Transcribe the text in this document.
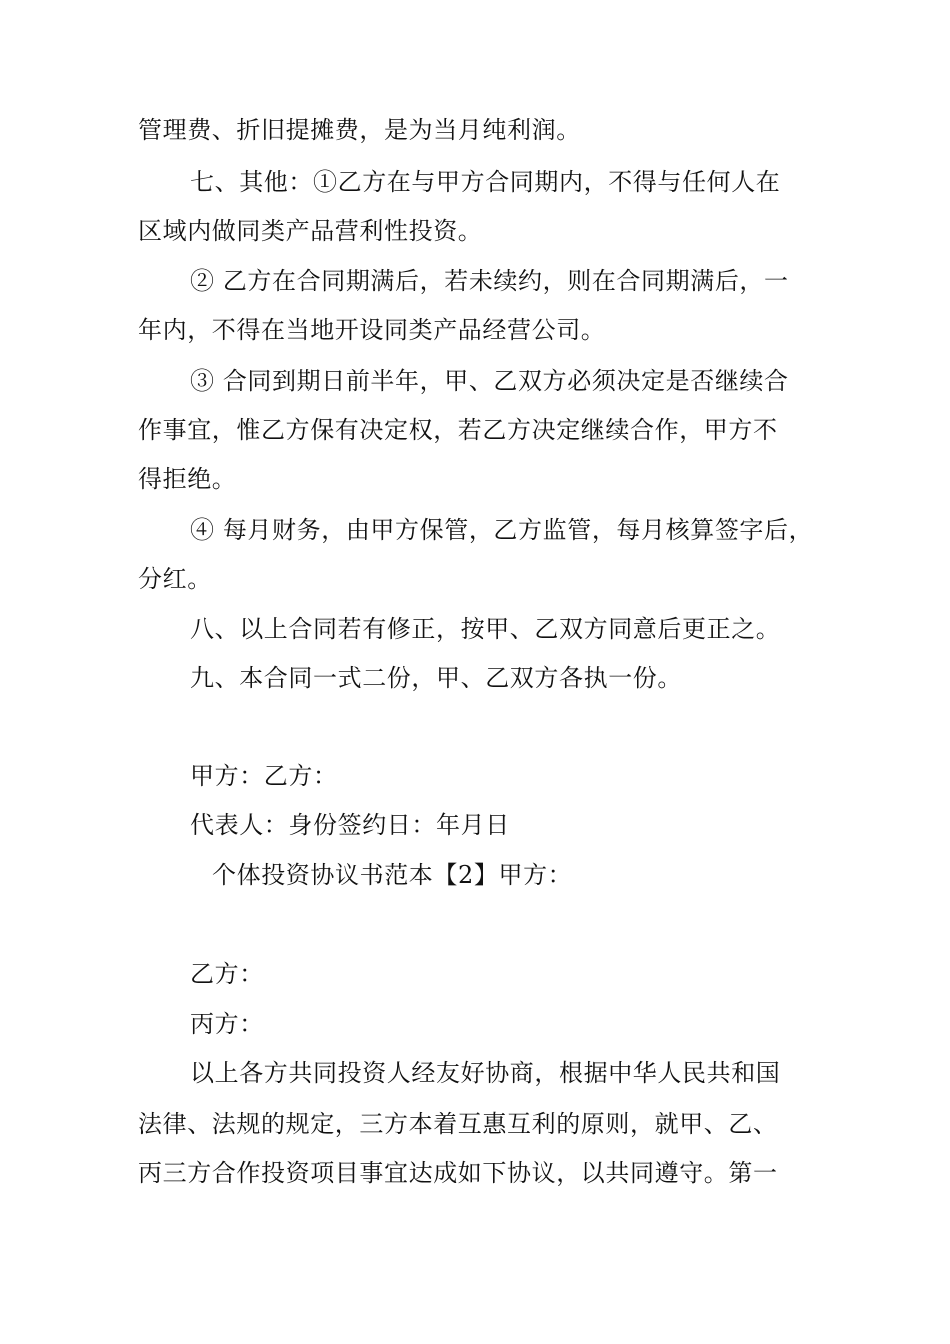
管理费、折旧提摊费，是为当月纯利润。
七、其他：①乙方在与甲方合同期内，不得与任何人在
区域内做同类产品营利性投资。
② 乙方在合同期满后，若未续约，则在合同期满后，一
年内，不得在当地开设同类产品经营公司。
③ 合同到期日前半年，甲、乙双方必须决定是否继续合
作事宜，惟乙方保有决定权，若乙方决定继续合作，甲方不
得拒绝。
④ 每月财务，由甲方保管，乙方监管，每月核算签字后，
分红。
八、以上合同若有修正，按甲、乙双方同意后更正之。
九、本合同一式二份，甲、乙双方各执一份。
甲方：乙方：
代表人：身份签约日：年月日
个体投资协议书范本【2】甲方：
乙方：
丙方：
以上各方共同投资人经友好协商，根据中华人民共和国
法律、法规的规定，三方本着互惠互利的原则，就甲、乙、
丙三方合作投资项目事宜达成如下协议，以共同遵守。第一
